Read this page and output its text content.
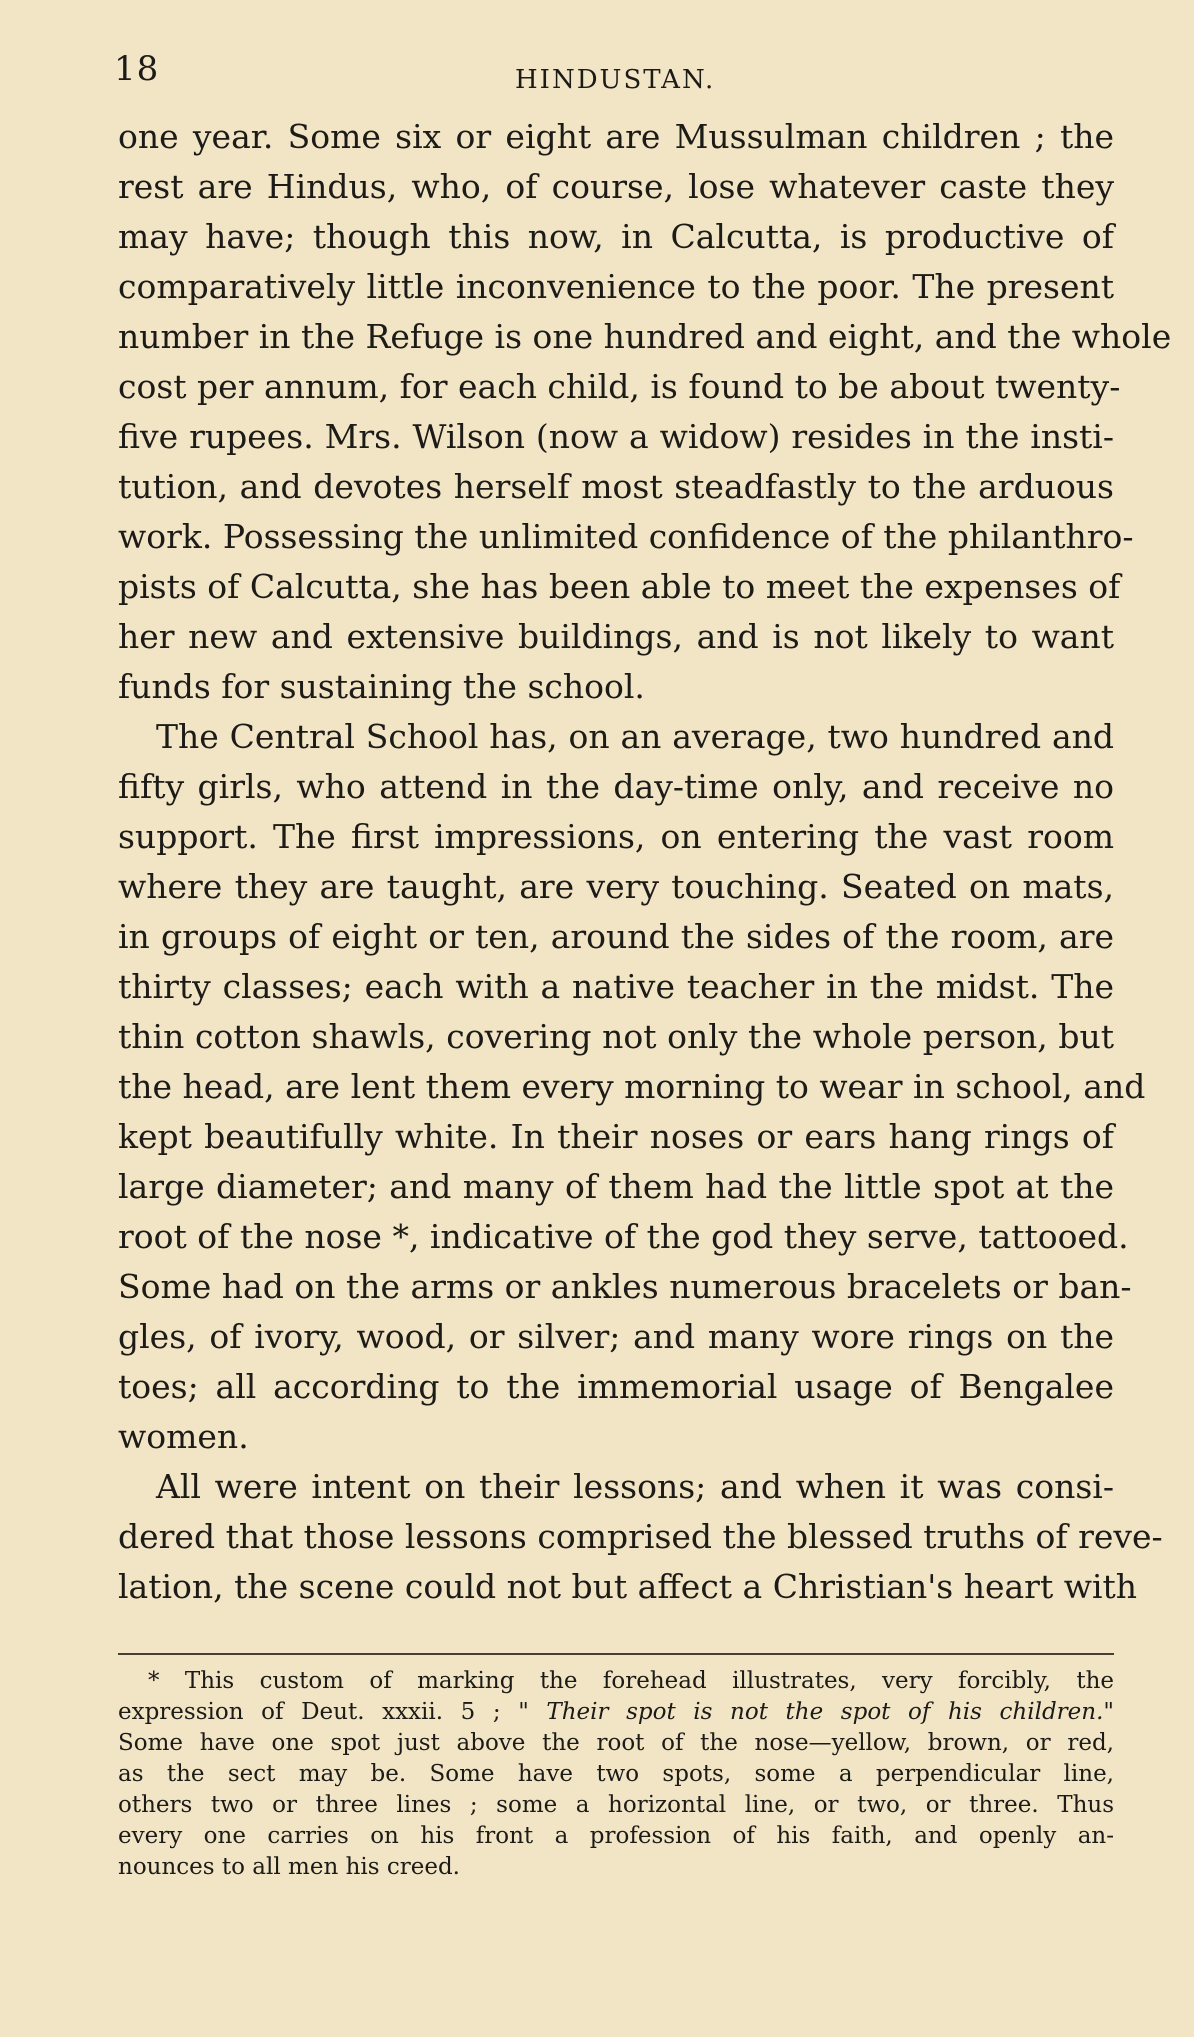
18	HINDUSTAN.
one year. Some six or eight are Mussulman children ; the
rest are Hindus, who, of course, lose whatever caste they
may have; though this now, in Calcutta, is productive of
comparatively little inconvenience to the poor. The present
number in the Refuge is one hundred and eight, and the whole
cost per annum, for each child, is found to be about twenty-
five rupees. Mrs. Wilson (now a widow) resides in the insti-
tution, and devotes herself most steadfastly to the arduous
work. Possessing the unlimited confidence of the philanthro-
pists of Calcutta, she has been able to meet the expenses of
her new and extensive buildings, and is not likely to want
funds for sustaining the school.
The Central School has, on an average, two hundred and
fifty girls, who attend in the day-time only, and receive no
support. The first impressions, on entering the vast room
where they are taught, are very touching. Seated on mats,
in groups of eight or ten, around the sides of the room, are
thirty classes; each with a native teacher in the midst. The
thin cotton shawls, covering not only the whole person, but
the head, are lent them every morning to wear in school, and
kept beautifully white. In their noses or ears hang rings of
large diameter; and many of them had the little spot at the
root of the nose *, indicative of the god they serve, tattooed.
Some had on the arms or ankles numerous bracelets or ban-
gles, of ivory, wood, or silver; and many wore rings on the
toes; all according to the immemorial usage of Bengalee
women.
All were intent on their lessons; and when it was consi-
dered that those lessons comprised the blessed truths of reve-
lation, the scene could not but affect a Christian's heart with
* This custom of marking the forehead illustrates, very forcibly, the
expression of Deut. xxxii. 5 ; " Their spot is not the spot of his children."
Some have one spot just above the root of the nose—yellow, brown, or red,
as the sect may be. Some have two spots, some a perpendicular line,
others two or three lines ; some a horizontal line, or two, or three. Thus
every one carries on his front a profession of his faith, and openly an-
nounces to all men his creed.
